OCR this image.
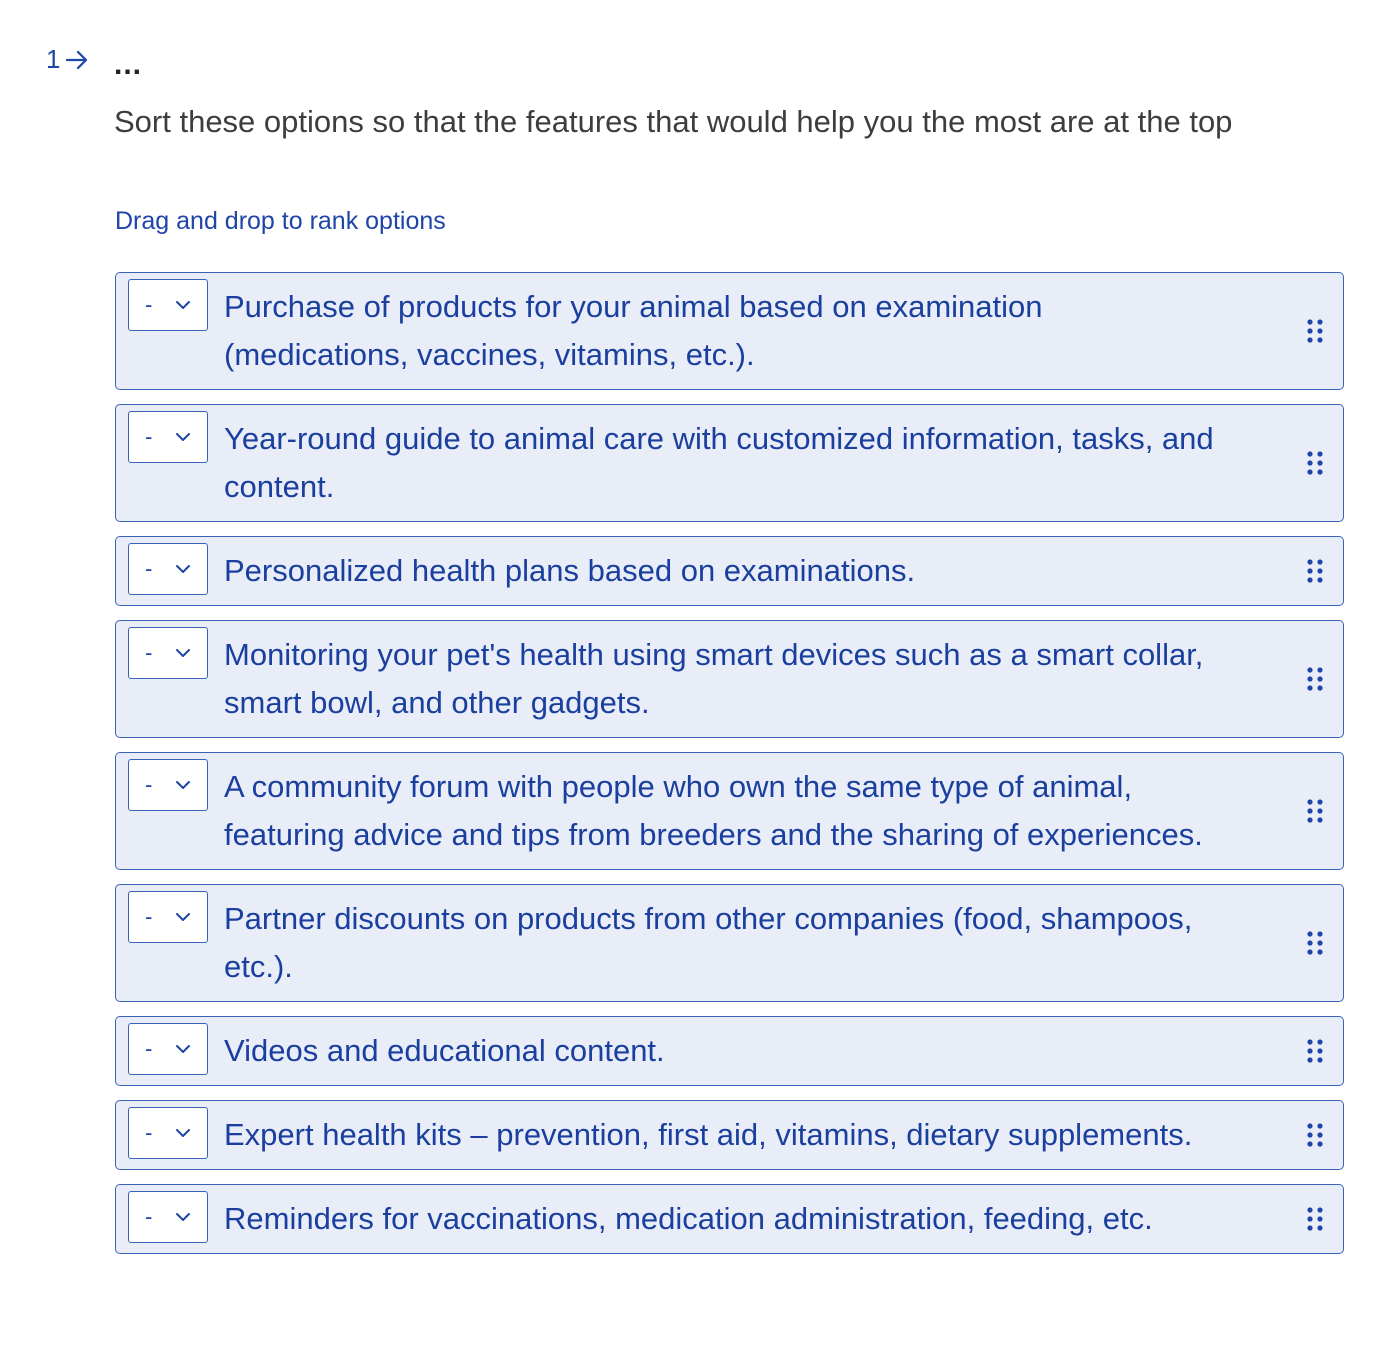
1 ...
Sort these options so that the features that would help you the most are at the top
Drag and drop to rank options
- Purchase of products for your animal based on examination (medications, vaccines, vitamins, etc.).
- Year-round guide to animal care with customized information, tasks, and content.
- Personalized health plans based on examinations.
- Monitoring your pet's health using smart devices such as a smart collar, smart bowl, and other gadgets.
- A community forum with people who own the same type of animal, featuring advice and tips from breeders and the sharing of experiences.
- Partner discounts on products from other companies (food, shampoos, etc.).
- Videos and educational content.
- Expert health kits – prevention, first aid, vitamins, dietary supplements.
- Reminders for vaccinations, medication administration, feeding, etc.
